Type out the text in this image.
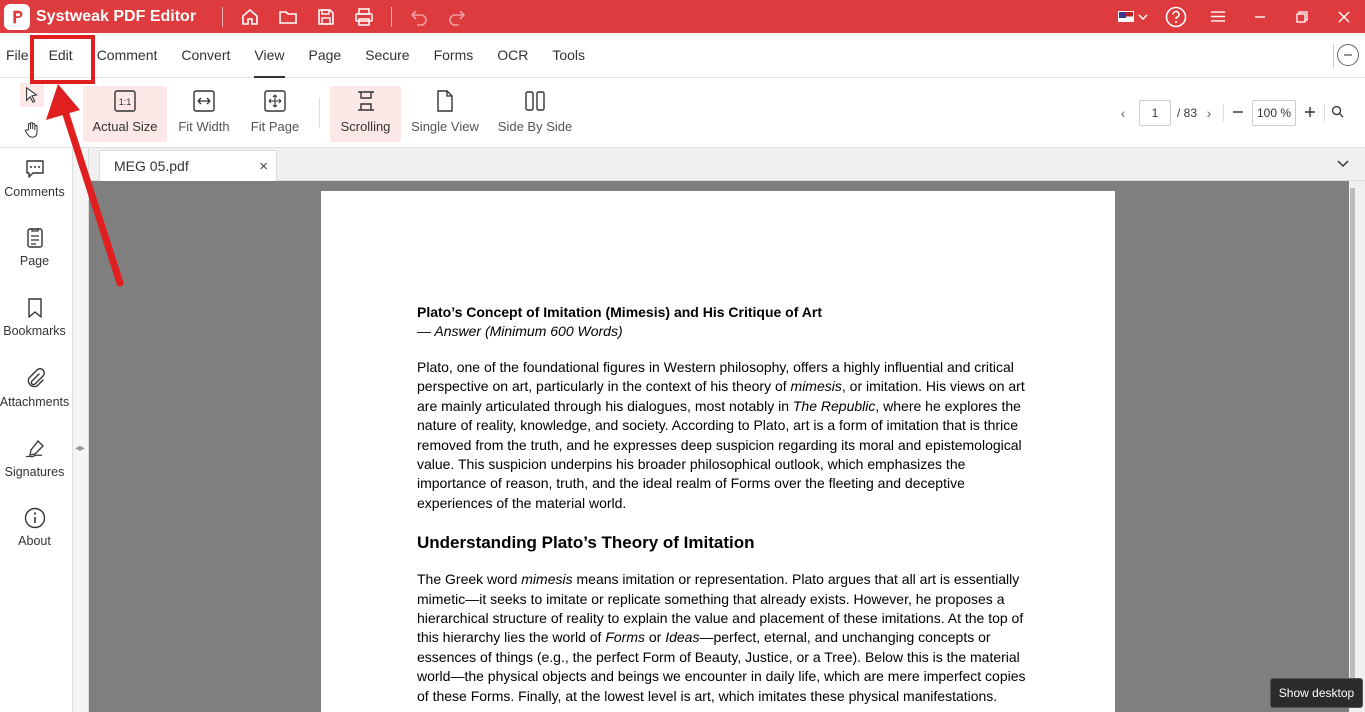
Systweak PDF Editor
File	Edit	Comment	Convert	View	Page	Secure	Forms	OCR	Tools
1:1
Actual Size Fit Width Fit Page	Scrolling Single View Side By Side
‹	1	/ 83 ›	100 %
Comments
Page
Bookmarks
Attachments
Signatures
About
◂▸
MEG 05.pdf	×
Plato’s Concept of Imitation (Mimesis) and His Critique of Art
— Answer (Minimum 600 Words)

Plato, one of the foundational figures in Western philosophy, offers a highly influential and critical perspective on art, particularly in the context of his theory of mimesis, or imitation. His views on art are mainly articulated through his dialogues, most notably in The Republic, where he explores the nature of reality, knowledge, and society. According to Plato, art is a form of imitation that is thrice removed from the truth, and he expresses deep suspicion regarding its moral and epistemological value. This suspicion underpins his broader philosophical outlook, which emphasizes the importance of reason, truth, and the ideal realm of Forms over the fleeting and deceptive experiences of the material world.

Understanding Plato’s Theory of Imitation

The Greek word mimesis means imitation or representation. Plato argues that all art is essentially mimetic—it seeks to imitate or replicate something that already exists. However, he proposes a hierarchical structure of reality to explain the value and placement of these imitations. At the top of this hierarchy lies the world of Forms or Ideas—perfect, eternal, and unchanging concepts or essences of things (e.g., the perfect Form of Beauty, Justice, or a Tree). Below this is the material world—the physical objects and beings we encounter in daily life, which are mere imperfect copies of these Forms. Finally, at the lowest level is art, which imitates these physical manifestations.	Show desktop
